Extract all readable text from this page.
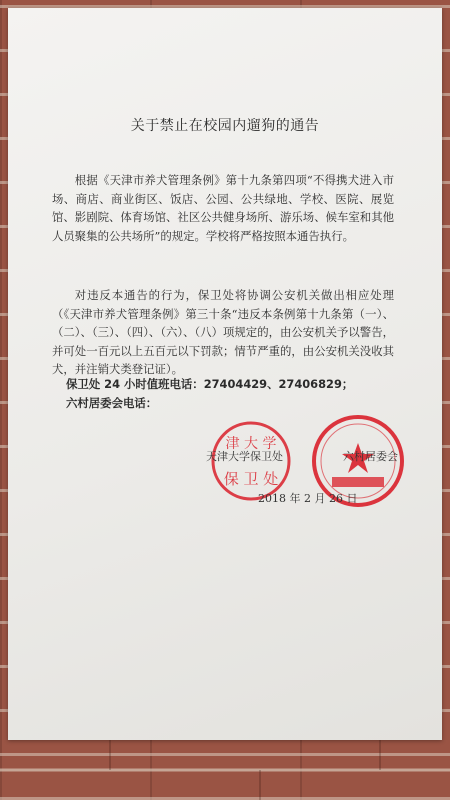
关于禁止在校园内遛狗的通告
根据《天津市养犬管理条例》第十九条第四项“不得携犬进入市场、商店、商业街区、饭店、公园、公共绿地、学校、医院、展览馆、影剧院、体育场馆、社区公共健身场所、游乐场、候车室和其他人员聚集的公共场所”的规定。学校将严格按照本通告执行。
对违反本通告的行为，保卫处将协调公安机关做出相应处理（《天津市养犬管理条例》第三十条“违反本条例第十九条第（一）、（二）、（三）、（四）、（六）、（八）项规定的，由公安机关予以警告，并可处一百元以上五百元以下罚款；情节严重的，由公安机关没收其犬，并注销犬类登记证）。
保卫处 24 小时值班电话：27404429、27406829；
六村居委会电话：
津 大 学
保 卫 处
天津大学保卫处	六村居委会
2018 年 2 月 26 日
